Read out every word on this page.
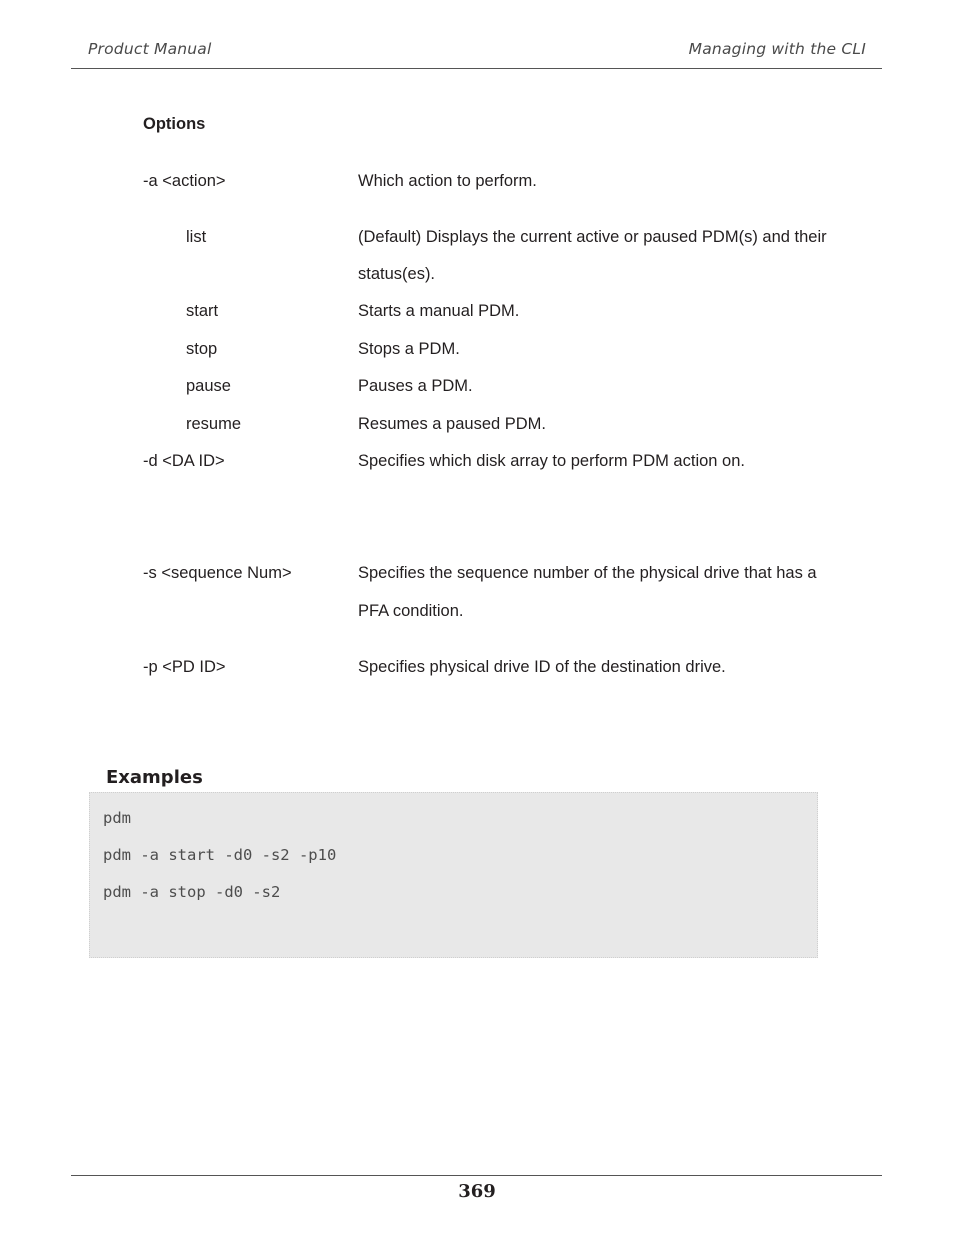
Product Manual	Managing with the CLI
Options
-a <action>	Which action to perform.
list	(Default) Displays the current active or paused PDM(s) and their
status(es).
start	Starts a manual PDM.
stop	Stops a PDM.
pause	Pauses a PDM.
resume	Resumes a paused PDM.
-d <DA ID>	Specifies which disk array to perform PDM action on.
-s <sequence Num>	Specifies the sequence number of the physical drive that has a
PFA condition.
-p <PD ID>	Specifies physical drive ID of the destination drive.
Examples
pdm
pdm -a start -d0 -s2 -p10
pdm -a stop -d0 -s2
369
